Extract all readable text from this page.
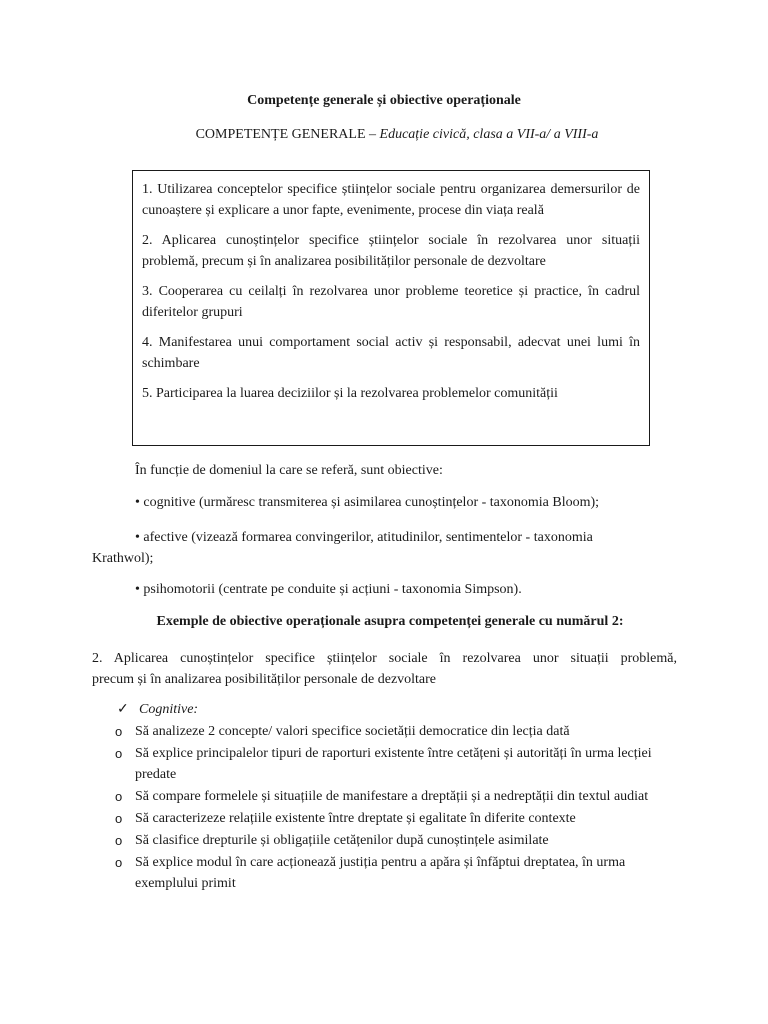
Competențe generale și obiective operaționale
COMPETENȚE GENERALE – Educație civică, clasa a VII-a/ a VIII-a

1. Utilizarea conceptelor specifice științelor sociale pentru organizarea demersurilor de cunoaștere și explicare a unor fapte, evenimente, procese din viața reală

2. Aplicarea cunoștințelor specifice științelor sociale în rezolvarea unor situații problemă, precum și în analizarea posibilităților personale de dezvoltare

3. Cooperarea cu ceilalți în rezolvarea unor probleme teoretice și practice, în cadrul diferitelor grupuri

4. Manifestarea unui comportament social activ și responsabil, adecvat unei lumi în schimbare

5. Participarea la luarea deciziilor și la rezolvarea problemelor comunității

În funcție de domeniul la care se referă, sunt obiective:
• cognitive (urmăresc transmiterea și asimilarea cunoștințelor - taxonomia Bloom);
• afective (vizează formarea convingerilor, atitudinilor, sentimentelor - taxonomia Krathwol);
• psihomotorii (centrate pe conduite și acțiuni - taxonomia Simpson).
Exemple de obiective operaționale asupra competenței generale cu numărul 2:
2. Aplicarea cunoștințelor specifice științelor sociale în rezolvarea unor situații problemă,
precum și în analizarea posibilităților personale de dezvoltare
✓ Cognitive:
o Să analizeze 2 concepte/ valori specifice societății democratice din lecția dată
o Să explice principalelor tipuri de raporturi existente între cetățeni și autorități în urma lecției predate
o Să compare formelele și situațiile de manifestare a dreptății și a nedreptății din textul audiat
o Să caracterizeze relațiile existente între dreptate și egalitate în diferite contexte
o Să clasifice drepturile și obligațiile cetățenilor după cunoștințele asimilate
o Să explice modul în care acționează justiția pentru a apăra și înfăptui dreptatea, în urma exemplului primit
